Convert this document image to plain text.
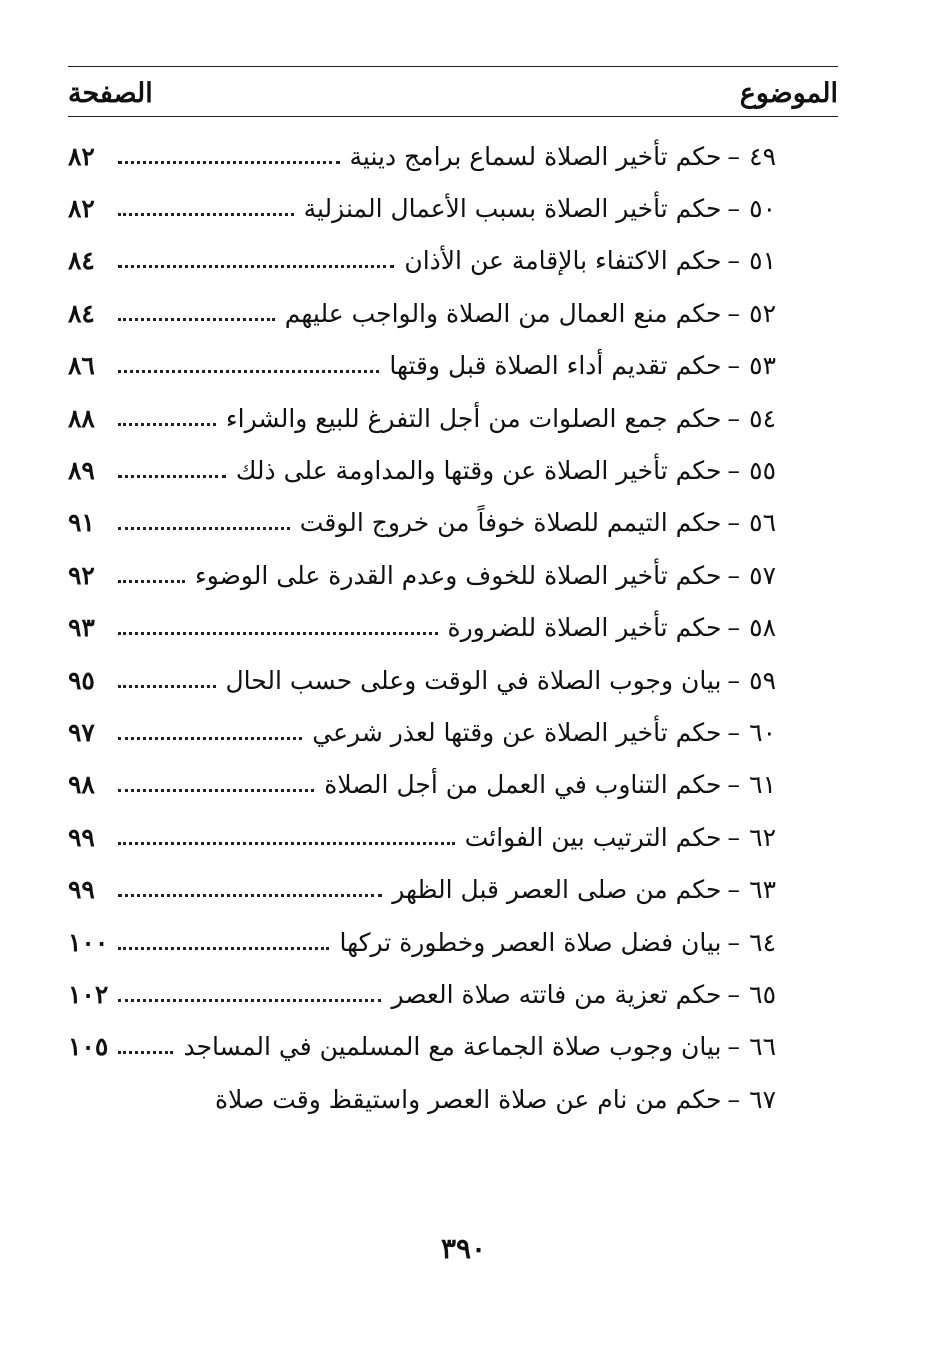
الموضوع
الصفحة
٤٩
–
حكم تأخير الصلاة لسماع برامج دينية
٨٢
٥٠
–
حكم تأخير الصلاة بسبب الأعمال المنزلية
٨٢
٥١
–
حكم الاكتفاء بالإقامة عن الأذان
٨٤
٥٢
–
حكم منع العمال من الصلاة والواجب عليهم
٨٤
٥٣
–
حكم تقديم أداء الصلاة قبل وقتها
٨٦
٥٤
–
حكم جمع الصلوات من أجل التفرغ للبيع والشراء
٨٨
٥٥
–
حكم تأخير الصلاة عن وقتها والمداومة على ذلك
٨٩
٥٦
–
حكم التيمم للصلاة خوفاً من خروج الوقت
٩١
٥٧
–
حكم تأخير الصلاة للخوف وعدم القدرة على الوضوء
٩٢
٥٨
–
حكم تأخير الصلاة للضرورة
٩٣
٥٩
–
بيان وجوب الصلاة في الوقت وعلى حسب الحال
٩٥
٦٠
–
حكم تأخير الصلاة عن وقتها لعذر شرعي
٩٧
٦١
–
حكم التناوب في العمل من أجل الصلاة
٩٨
٦٢
–
حكم الترتيب بين الفوائت
٩٩
٦٣
–
حكم من صلى العصر قبل الظهر
٩٩
٦٤
–
بيان فضل صلاة العصر وخطورة تركها
١٠٠
٦٥
–
حكم تعزية من فاتته صلاة العصر
١٠٢
٦٦
–
بيان وجوب صلاة الجماعة مع المسلمين في المساجد
١٠٥
٦٧
–
حكم من نام عن صلاة العصر واستيقظ وقت صلاة
٣٩٠
